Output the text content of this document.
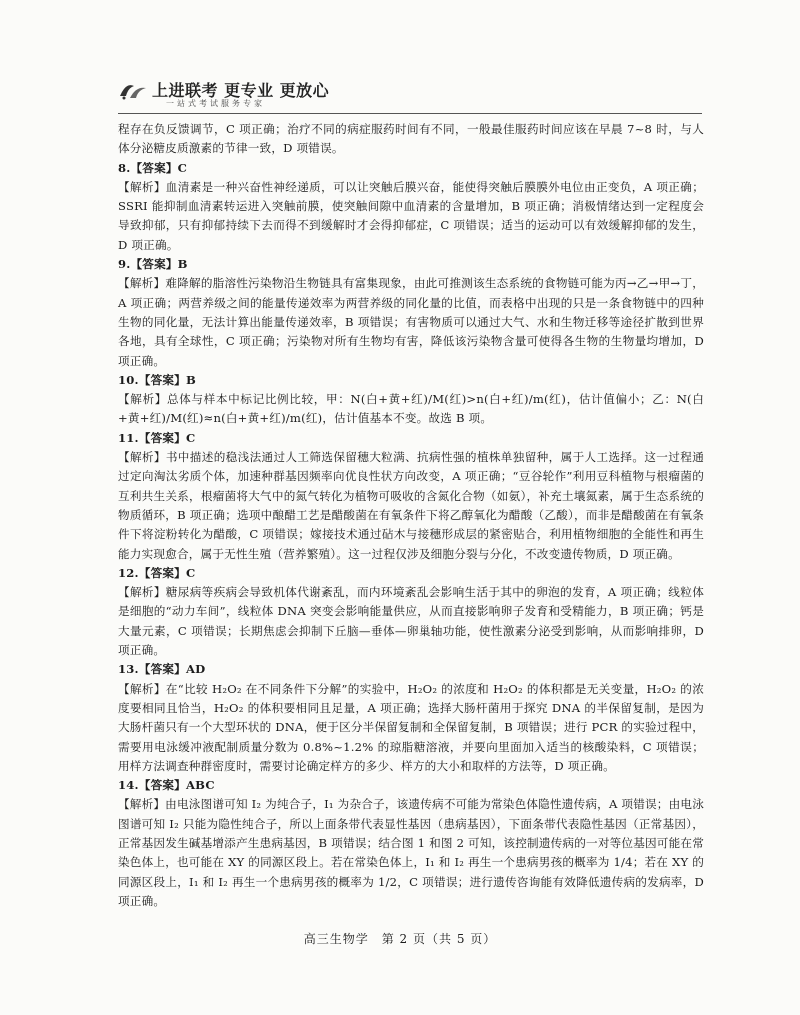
上进联考 更专业 更放心
一站式考试服务专家

程存在负反馈调节，C 项正确；治疗不同的病症服药时间有不同，一般最佳服药时间应该在早晨 7~8 时，与人体分泌糖皮质激素的节律一致，D 项错误。

8.【答案】C

【解析】血清素是一种兴奋性神经递质，可以让突触后膜兴奋，能使得突触后膜膜外电位由正变负，A 项正确；SSRI 能抑制血清素转运进入突触前膜，使突触间隙中血清素的含量增加，B 项正确；消极情绪达到一定程度会导致抑郁，只有抑郁持续下去而得不到缓解时才会得抑郁症，C 项错误；适当的运动可以有效缓解抑郁的发生，D 项正确。

9.【答案】B

【解析】难降解的脂溶性污染物沿生物链具有富集现象，由此可推测该生态系统的食物链可能为丙→乙→甲→丁，A 项正确；两营养级之间的能量传递效率为两营养级的同化量的比值，而表格中出现的只是一条食物链中的四种生物的同化量，无法计算出能量传递效率，B 项错误；有害物质可以通过大气、水和生物迁移等途径扩散到世界各地，具有全球性，C 项正确；污染物对所有生物均有害，降低该污染物含量可使得各生物的生物量均增加，D 项正确。

10.【答案】B

【解析】总体与样本中标记比例比较，甲：N(白+黄+红)/M(红)>n(白+红)/m(红)，估计值偏小；乙：N(白+黄+红)/M(红)≈n(白+黄+红)/m(红)，估计值基本不变。故选 B 项。

11.【答案】C

【解析】书中描述的稳浅法通过人工筛选保留穗大粒满、抗病性强的植株单独留种，属于人工选择。这一过程通过定向淘汰劣质个体，加速种群基因频率向优良性状方向改变，A 项正确；“豆谷轮作”利用豆科植物与根瘤菌的互利共生关系，根瘤菌将大气中的氮气转化为植物可吸收的含氮化合物（如氨），补充土壤氮素，属于生态系统的物质循环，B 项正确；选项中酿醋工艺是醋酸菌在有氧条件下将乙醇氧化为醋酸（乙酸），而非是醋酸菌在有氧条件下将淀粉转化为醋酸，C 项错误；嫁接技术通过砧木与接穗形成层的紧密贴合，利用植物细胞的全能性和再生能力实现愈合，属于无性生殖（营养繁殖）。这一过程仅涉及细胞分裂与分化，不改变遗传物质，D 项正确。

12.【答案】C

【解析】糖尿病等疾病会导致机体代谢紊乱，而内环境紊乱会影响生活于其中的卵泡的发育，A 项正确；线粒体是细胞的“动力车间”，线粒体 DNA 突变会影响能量供应，从而直接影响卵子发育和受精能力，B 项正确；钙是大量元素，C 项错误；长期焦虑会抑制下丘脑—垂体—卵巢轴功能，使性激素分泌受到影响，从而影响排卵，D 项正确。

13.【答案】AD

【解析】在“比较 H₂O₂ 在不同条件下分解”的实验中，H₂O₂ 的浓度和 H₂O₂ 的体积都是无关变量，H₂O₂ 的浓度要相同且恰当，H₂O₂ 的体积要相同且足量，A 项正确；选择大肠杆菌用于探究 DNA 的半保留复制，是因为大肠杆菌只有一个大型环状的 DNA，便于区分半保留复制和全保留复制，B 项错误；进行 PCR 的实验过程中，需要用电泳缓冲液配制质量分数为 0.8%~1.2% 的琼脂糖溶液，并要向里面加入适当的核酸染料，C 项错误；用样方法调查种群密度时，需要讨论确定样方的多少、样方的大小和取样的方法等，D 项正确。

14.【答案】ABC

【解析】由电泳图谱可知 I₂ 为纯合子，I₁ 为杂合子，该遗传病不可能为常染色体隐性遗传病，A 项错误；由电泳图谱可知 I₂ 只能为隐性纯合子，所以上面条带代表显性基因（患病基因），下面条带代表隐性基因（正常基因），正常基因发生碱基增添产生患病基因，B 项错误；结合图 1 和图 2 可知，该控制遗传病的一对等位基因可能在常染色体上，也可能在 XY 的同源区段上。若在常染色体上，I₁ 和 I₂ 再生一个患病男孩的概率为 1/4；若在 XY 的同源区段上，I₁ 和 I₂ 再生一个患病男孩的概率为 1/2，C 项错误；进行遗传咨询能有效降低遗传病的发病率，D 项正确。

高三生物学　第 2 页（共 5 页）
